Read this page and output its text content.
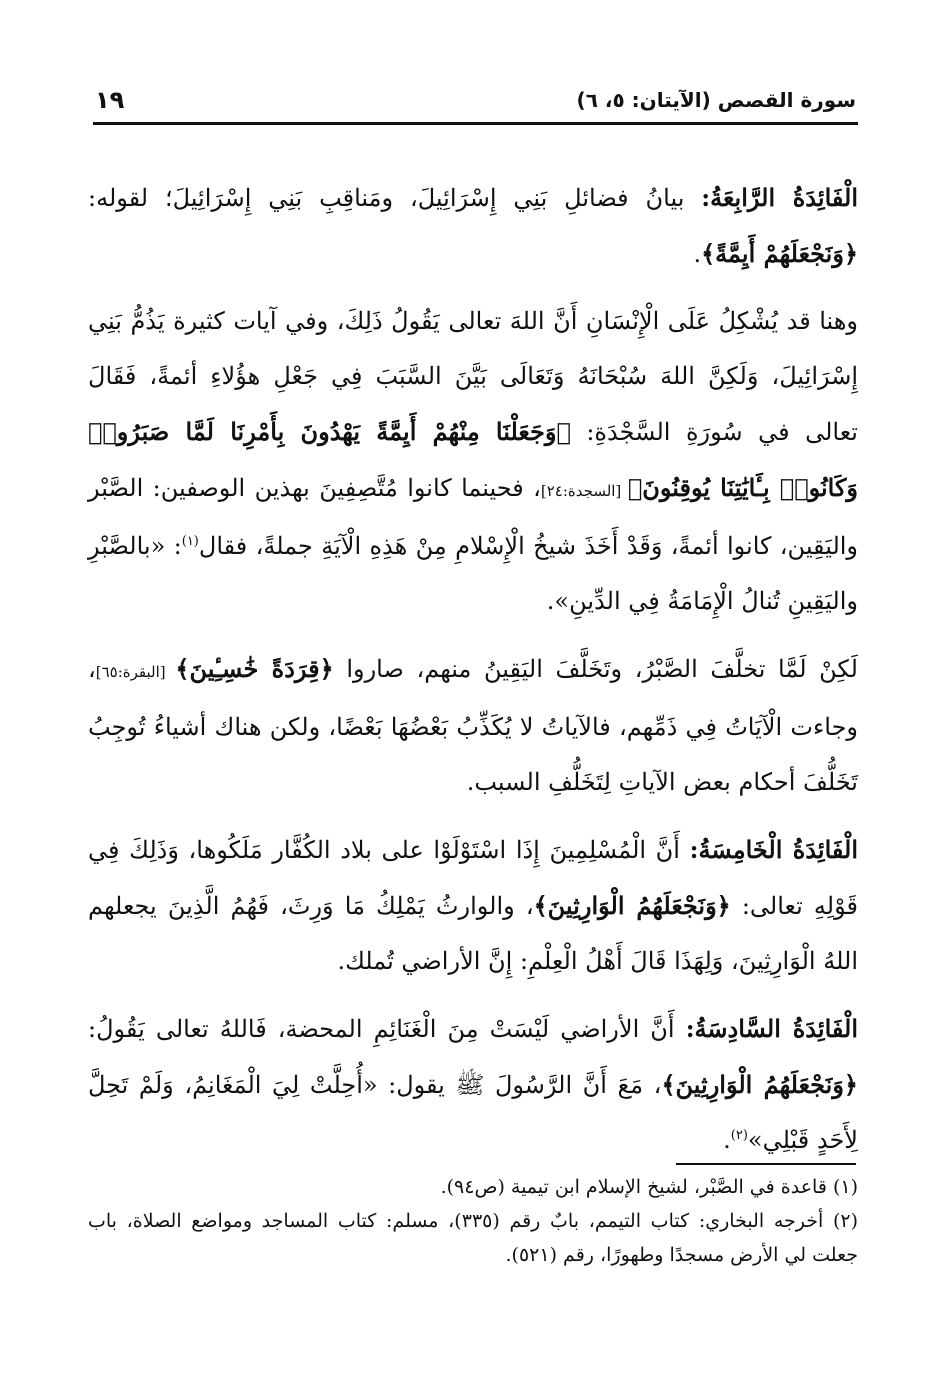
١٩	سورة القصص (الآيتان: ٥، ٦)

الْفَائِدَةُ الرَّابِعَةُ: بيانُ فضائلِ بَنِي إِسْرَائِيلَ، ومَناقِبِ بَنِي إِسْرَائِيلَ؛ لقوله: ﴿وَنَجْعَلَهُمْ أَيِمَّةً﴾.

وهنا قد يُشْكِلُ عَلَى الْإِنْسَانِ أَنَّ اللهَ تعالى يَقُولُ ذَلِكَ، وفي آيات كثيرة يَذُمُّ بَنِي إِسْرَائِيلَ، وَلَكِنَّ اللهَ سُبْحَانَهُ وَتَعَالَى بَيَّنَ السَّبَبَ فِي جَعْلِ هؤُلاءِ أئمةً، فَقَالَ تعالى في سُورَةِ السَّجْدَةِ: ﴿وَجَعَلْنَا مِنْهُمْ أَيِمَّةً يَهْدُونَ بِأَمْرِنَا لَمَّا صَبَرُوا۟ وَكَانُوا۟ بِـَٔايَٰتِنَا يُوقِنُونَ﴾ [السجدة:٢٤]، فحينما كانوا مُتَّصِفِينَ بهذين الوصفين: الصَّبْر واليَقِين، كانوا أئمةً، وَقَدْ أَخَذَ شيخُ الْإِسْلامِ مِنْ هَذِهِ الْآيَةِ جملةً، فقال$^{(١)}$: «بالصَّبْرِ واليَقِينِ تُنالُ الْإِمَامَةُ فِي الدِّينِ».

لَكِنْ لَمَّا تخلَّفَ الصَّبْرُ، وتَخَلَّفَ اليَقِينُ منهم، صاروا ﴿قِرَدَةً خَٰسِـِٔينَ﴾ [البقرة:٦٥]، وجاءت الْآيَاتُ فِي ذَمِّهم، فالآياتُ لا يُكَذِّبُ بَعْضُهَا بَعْضًا، ولكن هناك أشياءُ تُوجِبُ تَخَلُّفَ أحكام بعض الآياتِ لِتَخَلُّفِ السبب.

الْفَائِدَةُ الْخَامِسَةُ: أَنَّ الْمُسْلِمِينَ إِذَا اسْتَوْلَوْا على بلاد الكُفَّار مَلَكُوها، وَذَلِكَ فِي قَوْلِهِ تعالى: ﴿وَنَجْعَلَهُمُ الْوَارِثِينَ﴾، والوارثُ يَمْلِكُ مَا وَرِثَ، فَهُمُ الَّذِينَ يجعلهم اللهُ الْوَارِثِينَ، وَلِهَذَا قَالَ أَهْلُ الْعِلْمِ: إِنَّ الأراضي تُملك.

الْفَائِدَةُ السَّادِسَةُ: أَنَّ الأراضي لَيْسَتْ مِنَ الْغَنَائِمِ المحضة، فَاللهُ تعالى يَقُولُ: ﴿وَنَجْعَلَهُمُ الْوَارِثِينَ﴾، مَعَ أَنَّ الرَّسُولَ ﷺ يقول: «أُحِلَّتْ لِيَ الْمَغَانِمُ، وَلَمْ تَحِلَّ لِأَحَدٍ قَبْلِي»$^{(٢)}$.

(١) قاعدة في الصَّبْر، لشيخ الإسلام ابن تيمية (ص٩٤).

(٢) أخرجه البخاري: كتاب التيمم، بابٌ رقم (٣٣٥)، مسلم: كتاب المساجد ومواضع الصلاة، باب جعلت لي الأرض مسجدًا وطهورًا، رقم (٥٢١).
